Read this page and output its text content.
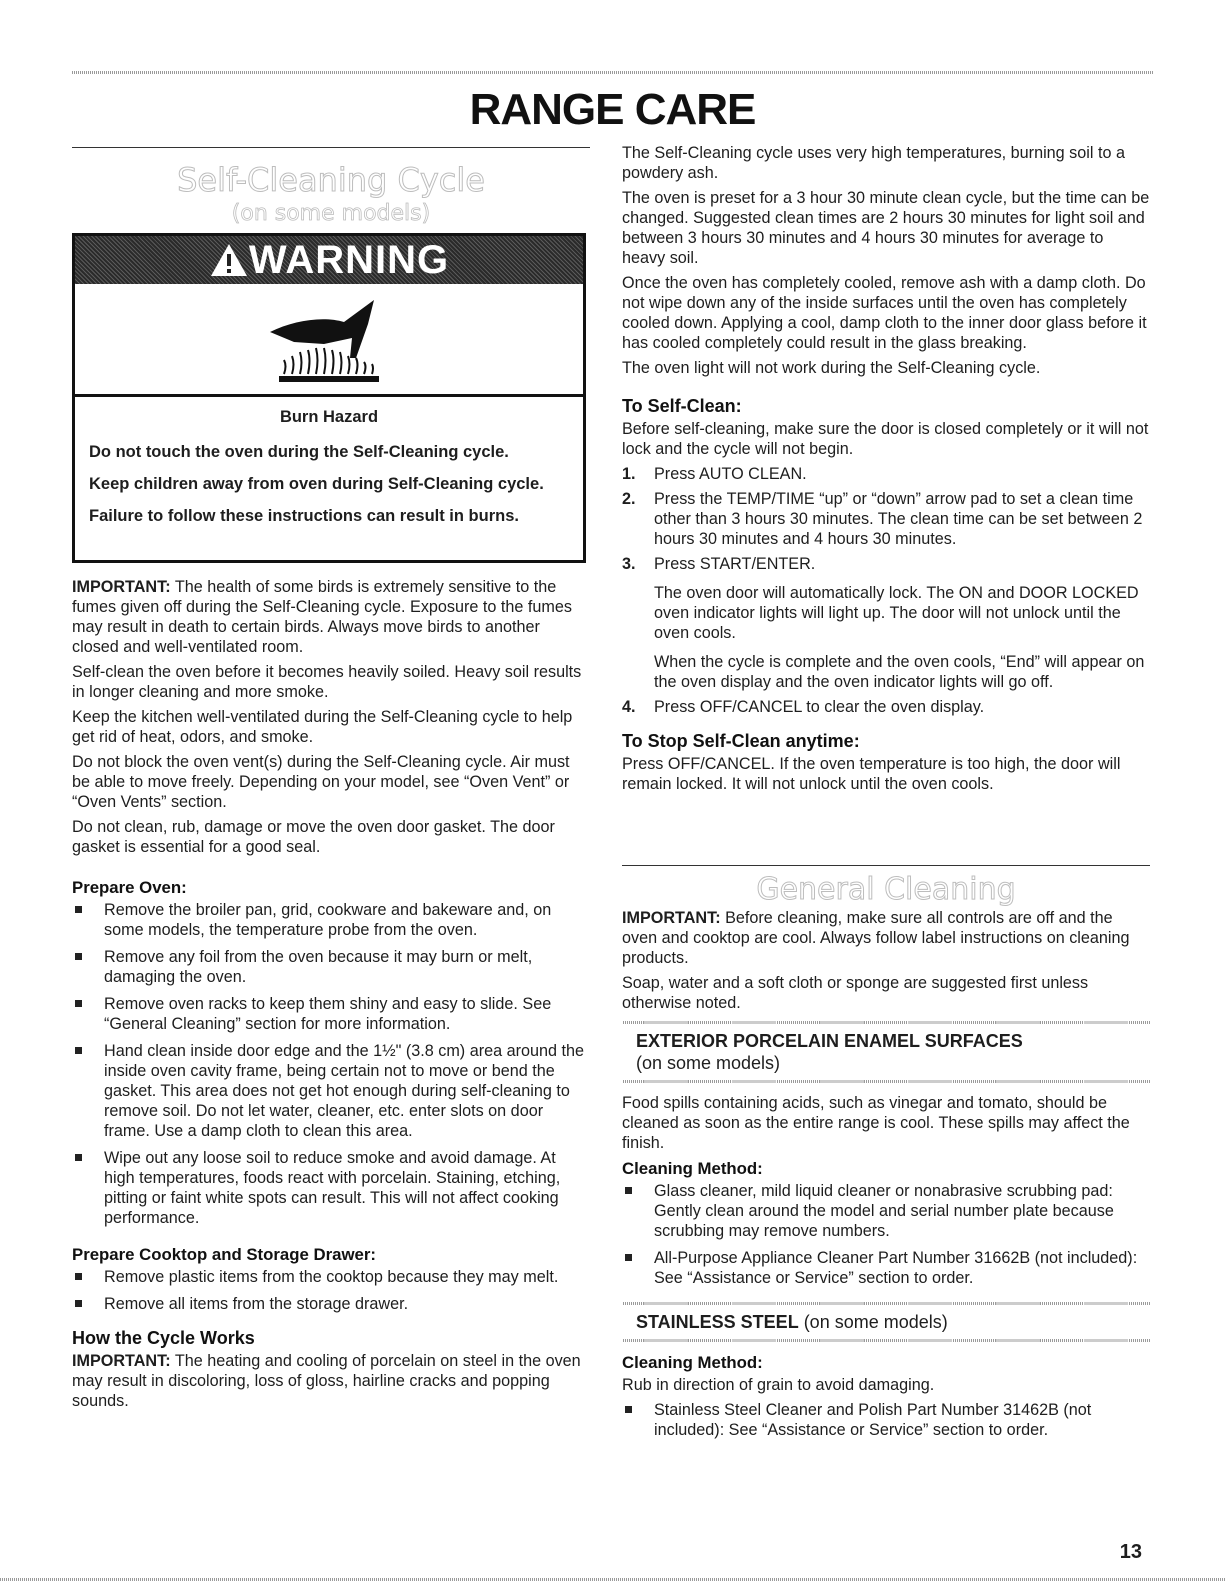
RANGE CARE
Self-Cleaning Cycle
(on some models)
WARNING
Burn Hazard

Do not touch the oven during the Self-Cleaning cycle.

Keep children away from oven during Self-Cleaning cycle.

Failure to follow these instructions can result in burns.

IMPORTANT: The health of some birds is extremely sensitive to the fumes given off during the Self-Cleaning cycle. Exposure to the fumes may result in death to certain birds. Always move birds to another closed and well-ventilated room.

Self-clean the oven before it becomes heavily soiled. Heavy soil results in longer cleaning and more smoke.

Keep the kitchen well-ventilated during the Self-Cleaning cycle to help get rid of heat, odors, and smoke.

Do not block the oven vent(s) during the Self-Cleaning cycle. Air must be able to move freely. Depending on your model, see “Oven Vent” or “Oven Vents” section.

Do not clean, rub, damage or move the oven door gasket. The door gasket is essential for a good seal.

Prepare Oven:
Remove the broiler pan, grid, cookware and bakeware and, on some models, the temperature probe from the oven.
Remove any foil from the oven because it may burn or melt, damaging the oven.
Remove oven racks to keep them shiny and easy to slide. See “General Cleaning” section for more information.
Hand clean inside door edge and the 1½" (3.8 cm) area around the inside oven cavity frame, being certain not to move or bend the gasket. This area does not get hot enough during self-cleaning to remove soil. Do not let water, cleaner, etc. enter slots on door frame. Use a damp cloth to clean this area.
Wipe out any loose soil to reduce smoke and avoid damage. At high temperatures, foods react with porcelain. Staining, etching, pitting or faint white spots can result. This will not affect cooking performance.
Prepare Cooktop and Storage Drawer:
Remove plastic items from the cooktop because they may melt.
Remove all items from the storage drawer.
How the Cycle Works

IMPORTANT: The heating and cooling of porcelain on steel in the oven may result in discoloring, loss of gloss, hairline cracks and popping sounds.

The Self-Cleaning cycle uses very high temperatures, burning soil to a powdery ash.

The oven is preset for a 3 hour 30 minute clean cycle, but the time can be changed. Suggested clean times are 2 hours 30 minutes for light soil and between 3 hours 30 minutes and 4 hours 30 minutes for average to heavy soil.

Once the oven has completely cooled, remove ash with a damp cloth. Do not wipe down any of the inside surfaces until the oven has completely cooled down. Applying a cool, damp cloth to the inner door glass before it has cooled completely could result in the glass breaking.

The oven light will not work during the Self-Cleaning cycle.

To Self-Clean:

Before self-cleaning, make sure the door is closed completely or it will not lock and the cycle will not begin.

1. Press AUTO CLEAN.
2. Press the TEMP/TIME “up” or “down” arrow pad to set a clean time other than 3 hours 30 minutes. The clean time can be set between 2 hours 30 minutes and 4 hours 30 minutes.
3. Press START/ENTER.
The oven door will automatically lock. The ON and DOOR LOCKED oven indicator lights will light up. The door will not unlock until the oven cools.
When the cycle is complete and the oven cools, “End” will appear on the oven display and the oven indicator lights will go off.
4. Press OFF/CANCEL to clear the oven display.
To Stop Self-Clean anytime:

Press OFF/CANCEL. If the oven temperature is too high, the door will remain locked. It will not unlock until the oven cools.

General Cleaning

IMPORTANT: Before cleaning, make sure all controls are off and the oven and cooktop are cool. Always follow label instructions on cleaning products.

Soap, water and a soft cloth or sponge are suggested first unless otherwise noted.

EXTERIOR PORCELAIN ENAMEL SURFACES
(on some models)

Food spills containing acids, such as vinegar and tomato, should be cleaned as soon as the entire range is cool. These spills may affect the finish.

Cleaning Method:
Glass cleaner, mild liquid cleaner or nonabrasive scrubbing pad: Gently clean around the model and serial number plate because scrubbing may remove numbers.
All-Purpose Appliance Cleaner Part Number 31662B (not included): See “Assistance or Service” section to order.
STAINLESS STEEL (on some models)
Cleaning Method:

Rub in direction of grain to avoid damaging.

Stainless Steel Cleaner and Polish Part Number 31462B (not included): See “Assistance or Service” section to order.
13
